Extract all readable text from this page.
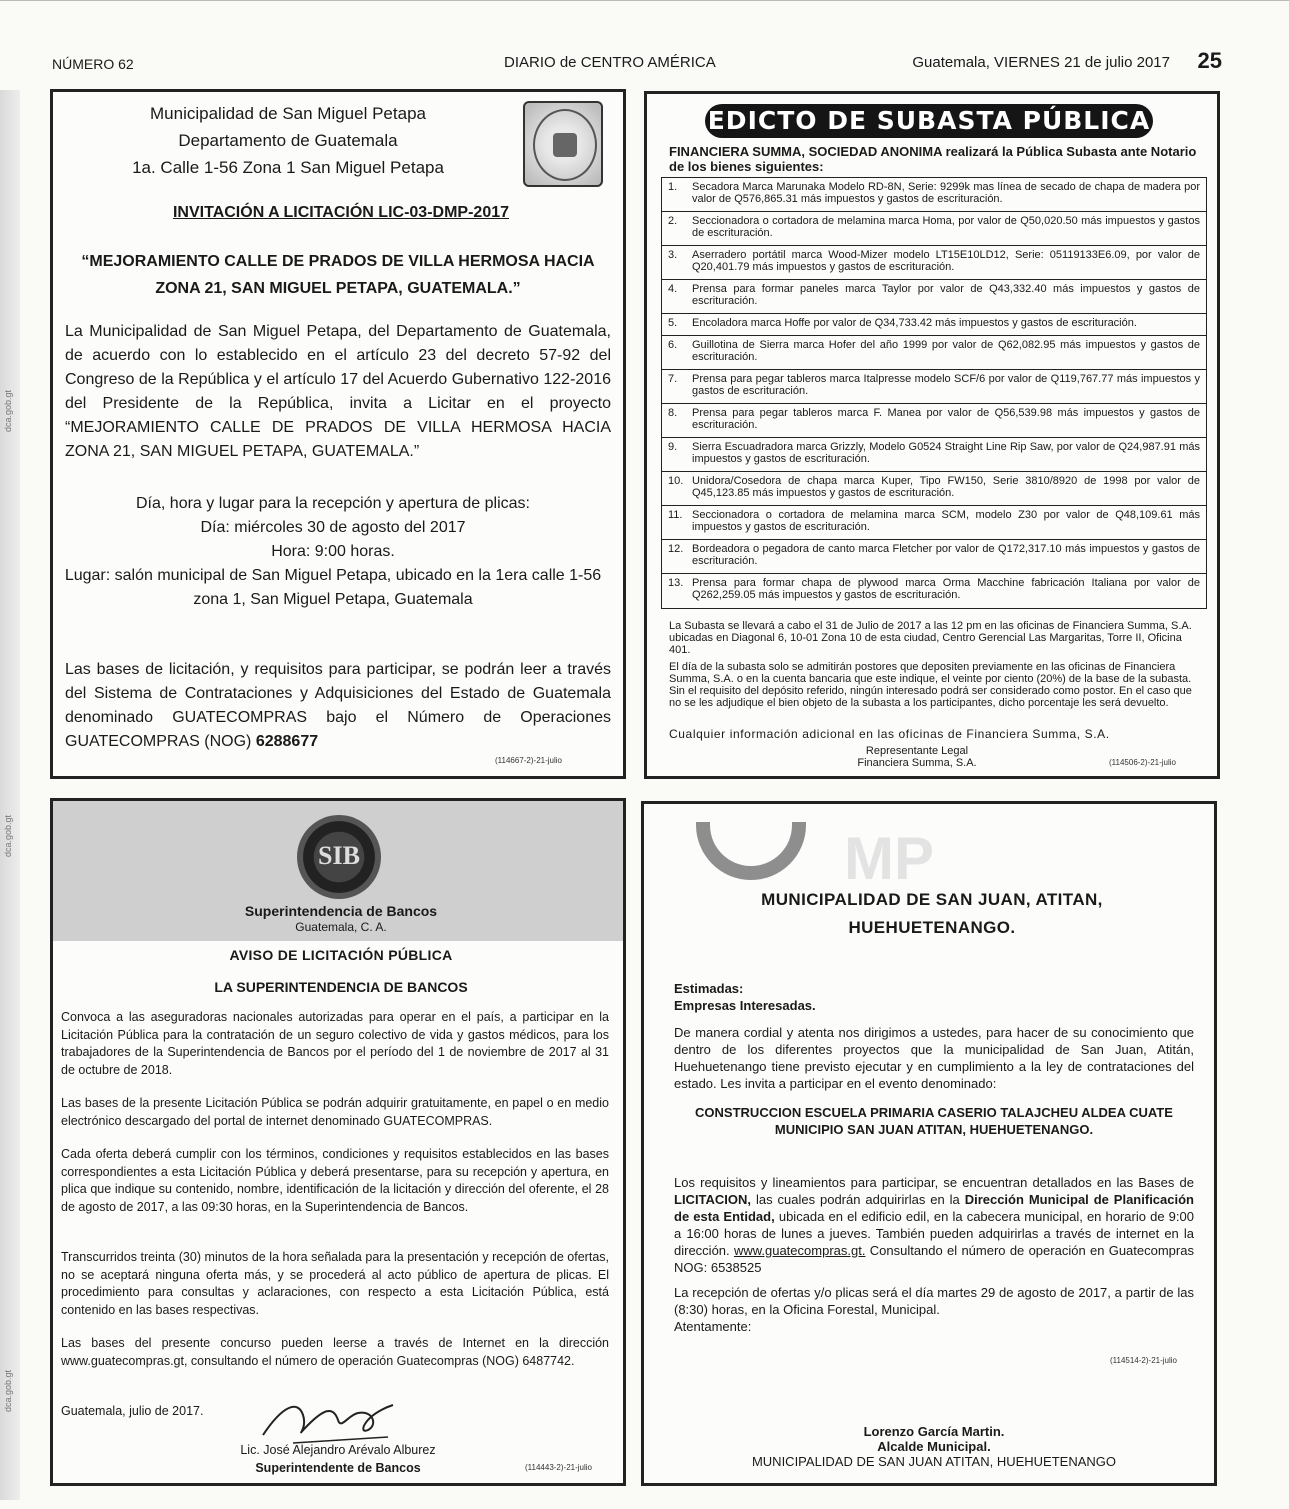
NÚMERO 62	DIARIO de CENTRO AMÉRICA	Guatemala, VIERNES 21 de julio 2017 25
dca.gob.gt
dca.gob.gt
dca.gob.gt
Municipalidad de San Miguel Petapa
Departamento de Guatemala
1a. Calle 1-56 Zona 1 San Miguel Petapa
INVITACIÓN A LICITACIÓN LIC-03-DMP-2017
“MEJORAMIENTO CALLE DE PRADOS DE VILLA HERMOSA HACIA ZONA 21, SAN MIGUEL PETAPA, GUATEMALA.”
La Municipalidad de San Miguel Petapa, del Departamento de Guatemala, de acuerdo con lo establecido en el artículo 23 del decreto 57-92 del Congreso de la República y el artículo 17 del Acuerdo Gubernativo 122-2016 del Presidente de la República, invita a Licitar en el proyecto “MEJORAMIENTO CALLE DE PRADOS DE VILLA HERMOSA HACIA ZONA 21, SAN MIGUEL PETAPA, GUATEMALA.”
Día, hora y lugar para la recepción y apertura de plicas:
Día: miércoles 30 de agosto del 2017
Hora: 9:00 horas.
Lugar: salón municipal de San Miguel Petapa, ubicado en la 1era calle 1-56 zona 1, San Miguel Petapa, Guatemala
Las bases de licitación, y requisitos para participar, se podrán leer a través del Sistema de Contrataciones y Adquisiciones del Estado de Guatemala denominado GUATECOMPRAS bajo el Número de Operaciones GUATECOMPRAS (NOG) 6288677
(114667-2)-21-julio
EDICTO DE SUBASTA PÚBLICA
FINANCIERA SUMMA, SOCIEDAD ANONIMA realizará la Pública Subasta ante Notario de los bienes siguientes:
1.	Secadora Marca Marunaka Modelo RD-8N, Serie: 9299k mas línea de secado de chapa de madera por valor de Q576,865.31 más impuestos y gastos de escrituración.
2.	Seccionadora o cortadora de melamina marca Homa, por valor de Q50,020.50 más impuestos y gastos de escrituración.
3.	Aserradero portátil marca Wood-Mizer modelo LT15E10LD12, Serie: 05119133E6.09, por valor de Q20,401.79 más impuestos y gastos de escrituración.
4.	Prensa para formar paneles marca Taylor por valor de Q43,332.40 más impuestos y gastos de escrituración.
5.	Encoladora marca Hoffe por valor de Q34,733.42 más impuestos y gastos de escrituración.
6.	Guillotina de Sierra marca Hofer del año 1999 por valor de Q62,082.95 más impuestos y gastos de escrituración.
7.	Prensa para pegar tableros marca Italpresse modelo SCF/6 por valor de Q119,767.77 más impuestos y gastos de escrituración.
8.	Prensa para pegar tableros marca F. Manea por valor de Q56,539.98 más impuestos y gastos de escrituración.
9.	Sierra Escuadradora marca Grizzly, Modelo G0524 Straight Line Rip Saw, por valor de Q24,987.91 más impuestos y gastos de escrituración.
10. Unidora/Cosedora de chapa marca Kuper, Tipo FW150, Serie 3810/8920 de 1998 por valor de Q45,123.85 más impuestos y gastos de escrituración.
11. Seccionadora o cortadora de melamina marca SCM, modelo Z30 por valor de Q48,109.61 más impuestos y gastos de escrituración.
12. Bordeadora o pegadora de canto marca Fletcher por valor de Q172,317.10 más impuestos y gastos de escrituración.
13. Prensa para formar chapa de plywood marca Orma Macchine fabricación Italiana por valor de Q262,259.05 más impuestos y gastos de escrituración.
La Subasta se llevará a cabo el 31 de Julio de 2017 a las 12 pm en las oficinas de Financiera Summa, S.A. ubicadas en Diagonal 6, 10-01 Zona 10 de esta ciudad, Centro Gerencial Las Margaritas, Torre II, Oficina 401.
El día de la subasta solo se admitirán postores que depositen previamente en las oficinas de Financiera Summa, S.A. o en la cuenta bancaria que este indique, el veinte por ciento (20%) de la base de la subasta. Sin el requisito del depósito referido, ningún interesado podrá ser considerado como postor. En el caso que no se les adjudique el bien objeto de la subasta a los participantes, dicho porcentaje les será devuelto.
Cualquier información adicional en las oficinas de Financiera Summa, S.A.
Representante Legal
Financiera Summa, S.A.	(114506-2)-21-julio
SIB
Superintendencia de Bancos
Guatemala, C. A.
AVISO DE LICITACIÓN PÚBLICA
LA SUPERINTENDENCIA DE BANCOS
Convoca a las aseguradoras nacionales autorizadas para operar en el país, a participar en la Licitación Pública para la contratación de un seguro colectivo de vida y gastos médicos, para los trabajadores de la Superintendencia de Bancos por el período del 1 de noviembre de 2017 al 31 de octubre de 2018.
Las bases de la presente Licitación Pública se podrán adquirir gratuitamente, en papel o en medio electrónico descargado del portal de internet denominado GUATECOMPRAS.
Cada oferta deberá cumplir con los términos, condiciones y requisitos establecidos en las bases correspondientes a esta Licitación Pública y deberá presentarse, para su recepción y apertura, en plica que indique su contenido, nombre, identificación de la licitación y dirección del oferente, el 28 de agosto de 2017, a las 09:30 horas, en la Superintendencia de Bancos.
Transcurridos treinta (30) minutos de la hora señalada para la presentación y recepción de ofertas, no se aceptará ninguna oferta más, y se procederá al acto público de apertura de plicas. El procedimiento para consultas y aclaraciones, con respecto a esta Licitación Pública, está contenido en las bases respectivas.
Las bases del presente concurso pueden leerse a través de Internet en la dirección www.guatecompras.gt, consultando el número de operación Guatecompras (NOG) 6487742.
Guatemala, julio de 2017.
Lic. José Alejandro Arévalo Alburez
Superintendente de Bancos	(114443-2)-21-julio
MP
MUNICIPALIDAD DE SAN JUAN, ATITAN,
HUEHUETENANGO.
Estimadas:
Empresas Interesadas.
De manera cordial y atenta nos dirigimos a ustedes, para hacer de su conocimiento que dentro de los diferentes proyectos que la municipalidad de San Juan, Atitán, Huehuetenango tiene previsto ejecutar y en cumplimiento a la ley de contrataciones del estado. Les invita a participar en el evento denominado:
CONSTRUCCION ESCUELA PRIMARIA CASERIO TALAJCHEU ALDEA CUATE MUNICIPIO SAN JUAN ATITAN, HUEHUETENANGO.
Los requisitos y lineamientos para participar, se encuentran detallados en las Bases de LICITACION, las cuales podrán adquirirlas en la Dirección Municipal de Planificación de esta Entidad, ubicada en el edificio edil, en la cabecera municipal, en horario de 9:00 a 16:00 horas de lunes a jueves. También pueden adquirirlas a través de internet en la dirección. www.guatecompras.gt. Consultando el número de operación en Guatecompras NOG: 6538525
La recepción de ofertas y/o plicas será el día martes 29 de agosto de 2017, a partir de las (8:30) horas, en la Oficina Forestal, Municipal.
Atentamente:
(114514-2)-21-julio
Lorenzo García Martin.
Alcalde Municipal.
MUNICIPALIDAD DE SAN JUAN ATITAN, HUEHUETENANGO
